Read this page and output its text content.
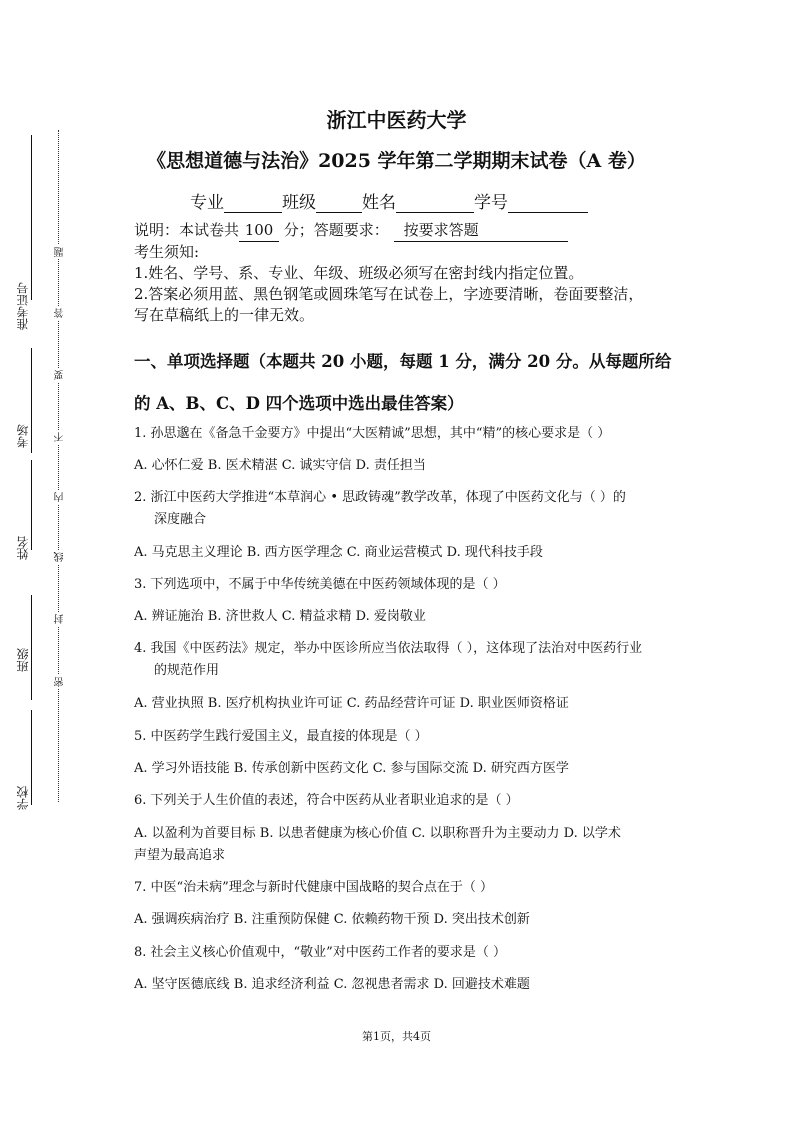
准考证号
考场
姓名
班级
学校
题
答
要
不
内
线
封
密
浙江中医药大学
《思想道德与法治》2025 学年第二学期期末试卷（A 卷）
专业	班级	姓名	学号
说明：本试卷共 100 分；答题要求： 按要求答题
考生须知:
1.姓名、学号、系、专业、年级、班级必须写在密封线内指定位置。
2.答案必须用蓝、黑色钢笔或圆珠笔写在试卷上，字迹要清晰，卷面要整洁，
写在草稿纸上的一律无效。
一、单项选择题（本题共 20 小题，每题 1 分，满分 20 分。从每题所给
的 A、B、C、D 四个选项中选出最佳答案）
1. 孙思邈在《备急千金要方》中提出“大医精诚”思想，其中“精”的核心要求是（ ）
A. 心怀仁爱 B. 医术精湛 C. 诚实守信 D. 责任担当
2. 浙江中医药大学推进“本草润心 • 思政铸魂”教学改革，体现了中医药文化与（ ）的
深度融合
A. 马克思主义理论 B. 西方医学理念 C. 商业运营模式 D. 现代科技手段
3. 下列选项中，不属于中华传统美德在中医药领域体现的是（ ）
A. 辨证施治 B. 济世救人 C. 精益求精 D. 爱岗敬业
4. 我国《中医药法》规定，举办中医诊所应当依法取得（ ），这体现了法治对中医药行业
的规范作用
A. 营业执照 B. 医疗机构执业许可证 C. 药品经营许可证 D. 职业医师资格证
5. 中医药学生践行爱国主义，最直接的体现是（ ）
A. 学习外语技能 B. 传承创新中医药文化 C. 参与国际交流 D. 研究西方医学
6. 下列关于人生价值的表述，符合中医药从业者职业追求的是（ ）
A. 以盈利为首要目标 B. 以患者健康为核心价值 C. 以职称晋升为主要动力 D. 以学术
声望为最高追求
7. 中医“治未病”理念与新时代健康中国战略的契合点在于（ ）
A. 强调疾病治疗 B. 注重预防保健 C. 依赖药物干预 D. 突出技术创新
8. 社会主义核心价值观中，“敬业”对中医药工作者的要求是（ ）
A. 坚守医德底线 B. 追求经济利益 C. 忽视患者需求 D. 回避技术难题
第1页，共4页
